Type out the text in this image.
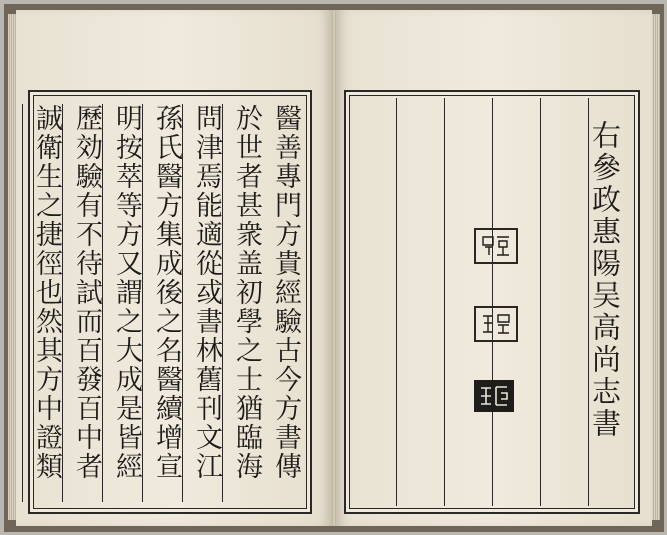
醫善專門方貴經驗古今方書傳
於世者甚衆盖初學之士猶臨海
問津焉能適從㦯書林舊刊文江
孫氏醫方集成後之名醫續增宣
明按萃等方又謂之大成是皆經
歷効驗有不待試而百發百中者
誠衛生之捷徑也然其方中證類	右參政惠陽吴高尚志書
